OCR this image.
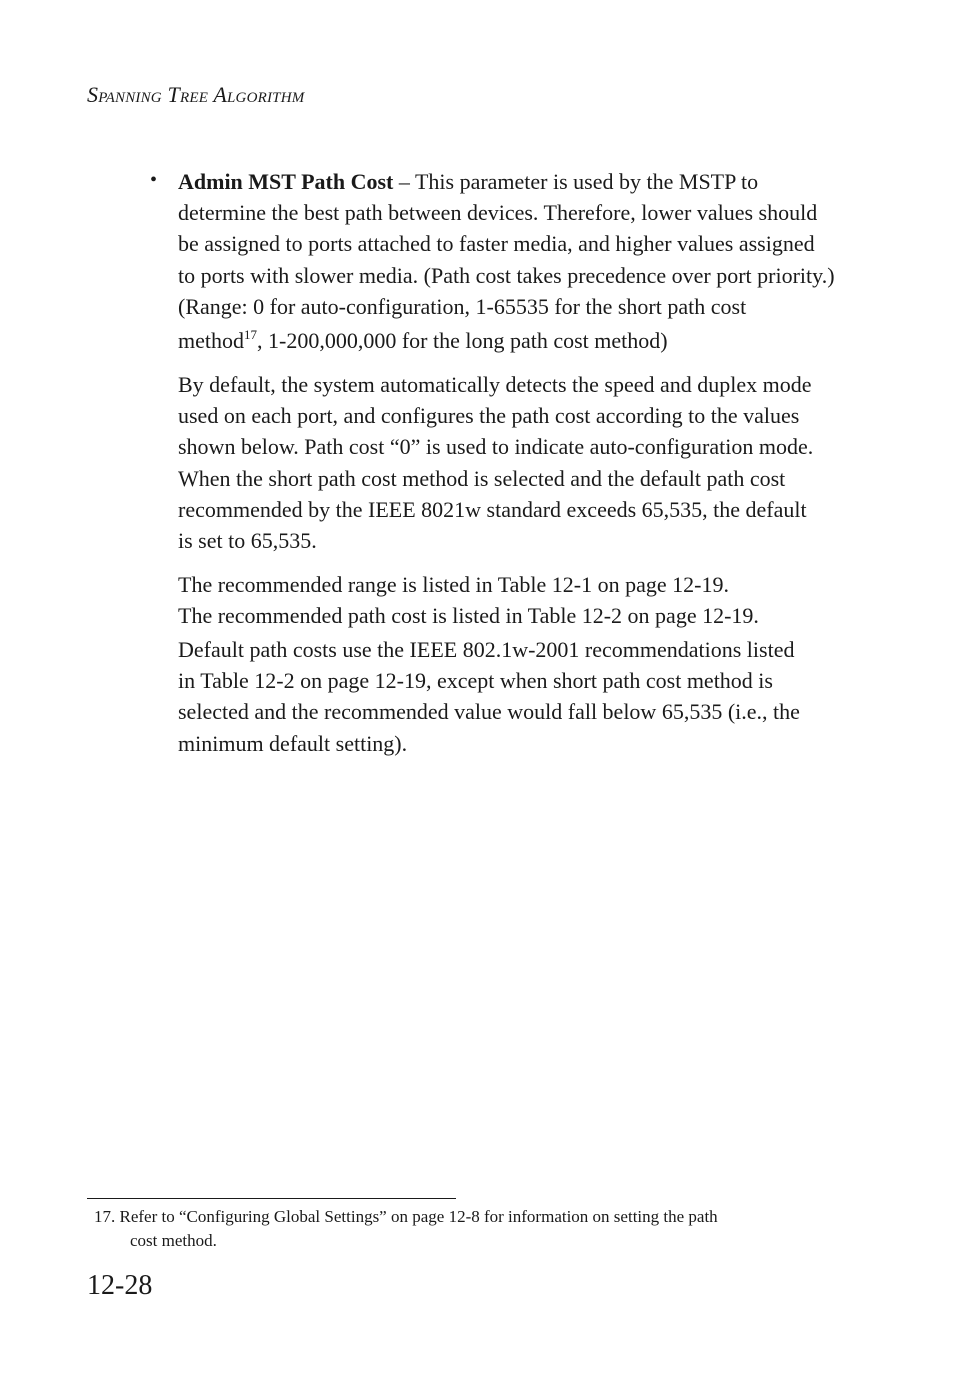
Spanning Tree Algorithm
• Admin MST Path Cost – This parameter is used by the MSTP to
determine the best path between devices. Therefore, lower values should
be assigned to ports attached to faster media, and higher values assigned
to ports with slower media. (Path cost takes precedence over port priority.)
(Range: 0 for auto-configuration, 1-65535 for the short path cost
method$^{17}$, 1-200,000,000 for the long path cost method)
By default, the system automatically detects the speed and duplex mode
used on each port, and configures the path cost according to the values
shown below. Path cost “0” is used to indicate auto-configuration mode.
When the short path cost method is selected and the default path cost
recommended by the IEEE 8021w standard exceeds 65,535, the default
is set to 65,535.
The recommended range is listed in Table 12-1 on page 12-19.
The recommended path cost is listed in Table 12-2 on page 12-19.
Default path costs use the IEEE 802.1w-2001 recommendations listed
in Table 12-2 on page 12-19, except when short path cost method is
selected and the recommended value would fall below 65,535 (i.e., the
minimum default setting).
17. Refer to “Configuring Global Settings” on page 12-8 for information on setting the path
cost method.
12-28
